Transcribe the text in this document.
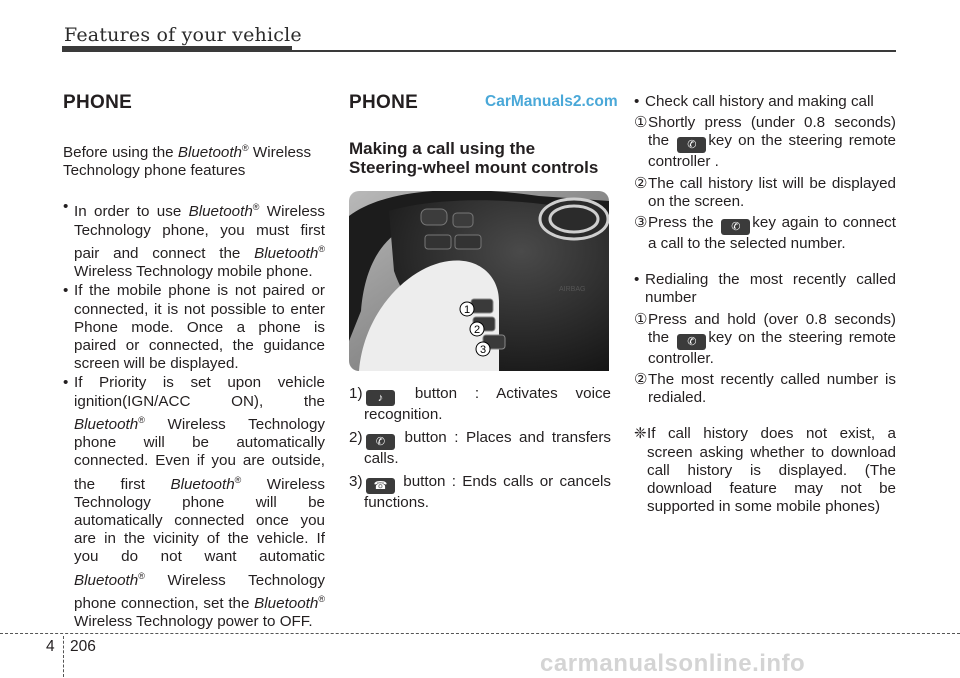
Features of your vehicle
CarManuals2.com
PHONE

Before using the Bluetooth® Wireless Technology phone features

• In order to use Bluetooth® Wireless Technology phone, you must first pair and connect the Bluetooth® Wireless Technology mobile phone.
• If the mobile phone is not paired or connected, it is not possible to enter Phone mode. Once a phone is paired or connected, the guidance screen will be displayed.
• If Priority is set upon vehicle ignition(IGN/ACC ON), the Bluetooth® Wireless Technology phone will be automatically connected. Even if you are outside, the first Bluetooth® Wireless Technology phone will be automatically connected once you are in the vicinity of the vehicle. If you do not want automatic Bluetooth® Wireless Technology phone connection, set the Bluetooth® Wireless Technology power to OFF.
PHONE
Making a call using the Steering-wheel mount controls
AIRBAG
1
2
3
1) ♪ button : Activates voice recognition.
2) ✆ button : Places and transfers calls.
3) ☎ button : Ends calls or cancels functions.
• Check call history and making call
① Shortly press (under 0.8 seconds) the ✆ key on the steering remote controller .
② The call history list will be displayed on the screen.
③ Press the ✆ key again to connect a call to the selected number.
• Redialing the most recently called number
① Press and hold (over 0.8 seconds) the ✆ key on the steering remote controller.
② The most recently called number is redialed.
❈ If call history does not exist, a screen asking whether to download call history is displayed. (The download feature may not be supported in some mobile phones)
4 206
carmanualsonline.info
